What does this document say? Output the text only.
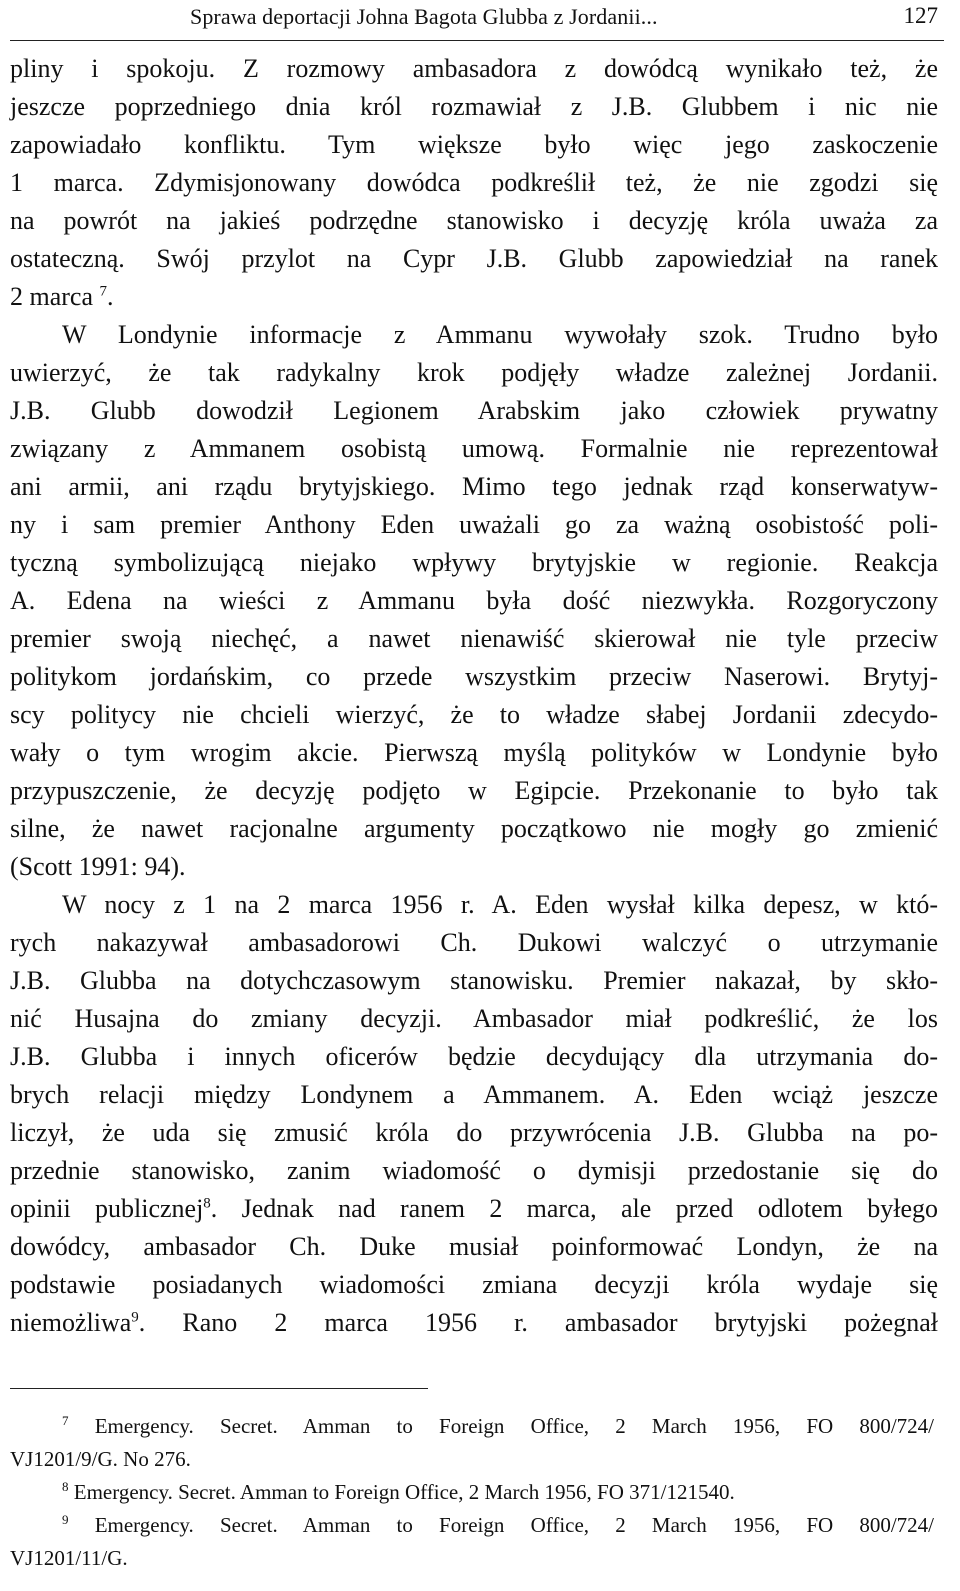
Sprawa deportacji Johna Bagota Glubba z Jordanii...	127
pliny i spokoju. Z rozmowy ambasadora z dowódcą wynikało też, że
jeszcze poprzedniego dnia król rozmawiał z J.B. Glubbem i nic nie
zapowiadało konfliktu. Tym większe było więc jego zaskoczenie
1 marca. Zdymisjonowany dowódca podkreślił też, że nie zgodzi się
na powrót na jakieś podrzędne stanowisko i decyzję króla uważa za
ostateczną. Swój przylot na Cypr J.B. Glubb zapowiedział na ranek
2 marca $^7$.
W Londynie informacje z Ammanu wywołały szok. Trudno było
uwierzyć, że tak radykalny krok podjęły władze zależnej Jordanii.
J.B. Glubb dowodził Legionem Arabskim jako człowiek prywatny
związany z Ammanem osobistą umową. Formalnie nie reprezentował
ani armii, ani rządu brytyjskiego. Mimo tego jednak rząd konserwatyw-
ny i sam premier Anthony Eden uważali go za ważną osobistość poli-
tyczną symbolizującą niejako wpływy brytyjskie w regionie. Reakcja
A. Edena na wieści z Ammanu była dość niezwykła. Rozgoryczony
premier swoją niechęć, a nawet nienawiść skierował nie tyle przeciw
politykom jordańskim, co przede wszystkim przeciw Naserowi. Brytyj-
scy politycy nie chcieli wierzyć, że to władze słabej Jordanii zdecydo-
wały o tym wrogim akcie. Pierwszą myślą polityków w Londynie było
przypuszczenie, że decyzję podjęto w Egipcie. Przekonanie to było tak
silne, że nawet racjonalne argumenty początkowo nie mogły go zmienić
(Scott 1991: 94).
W nocy z 1 na 2 marca 1956 r. A. Eden wysłał kilka depesz, w któ-
rych nakazywał ambasadorowi Ch. Dukowi walczyć o utrzymanie
J.B. Glubba na dotychczasowym stanowisku. Premier nakazał, by skło-
nić Husajna do zmiany decyzji. Ambasador miał podkreślić, że los
J.B. Glubba i innych oficerów będzie decydujący dla utrzymania do-
brych relacji między Londynem a Ammanem. A. Eden wciąż jeszcze
liczył, że uda się zmusić króla do przywrócenia J.B. Glubba na po-
przednie stanowisko, zanim wiadomość o dymisji przedostanie się do
opinii publicznej$^8$. Jednak nad ranem 2 marca, ale przed odlotem byłego
dowódcy, ambasador Ch. Duke musiał poinformować Londyn, że na
podstawie posiadanych wiadomości zmiana decyzji króla wydaje się
niemożliwa$^9$. Rano 2 marca 1956 r. ambasador brytyjski pożegnał
$^7$ Emergency. Secret. Amman to Foreign Office, 2 March 1956, FO 800/724/
VJ1201/9/G. No 276.
$^8$ Emergency. Secret. Amman to Foreign Office, 2 March 1956, FO 371/121540.
$^9$ Emergency. Secret. Amman to Foreign Office, 2 March 1956, FO 800/724/
VJ1201/11/G.
